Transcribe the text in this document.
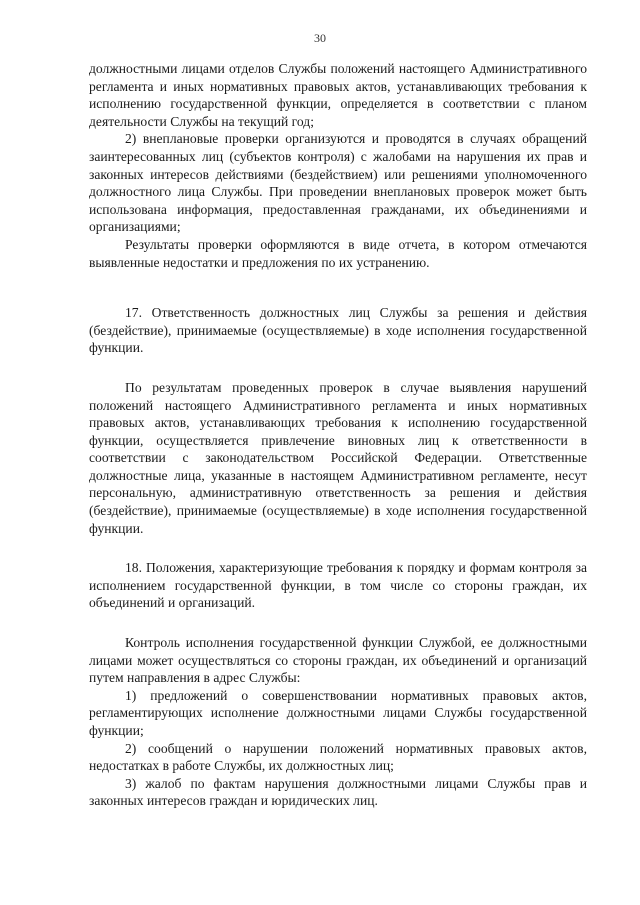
30

должностными лицами отделов Службы положений настоящего Административного регламента и иных нормативных правовых актов, устанавливающих требования к исполнению государственной функции, определяется в соответствии с планом деятельности Службы на текущий год;

2) внеплановые проверки организуются и проводятся в случаях обращений заинтересованных лиц (субъектов контроля) с жалобами на нарушения их прав и законных интересов действиями (бездействием) или решениями уполномоченного должностного лица Службы. При проведении внеплановых проверок может быть использована информация, предоставленная гражданами, их объединениями и организациями;

Результаты проверки оформляются в виде отчета, в котором отмечаются выявленные недостатки и предложения по их устранению.

17. Ответственность должностных лиц Службы за решения и действия (бездействие), принимаемые (осуществляемые) в ходе исполнения государственной функции.

По результатам проведенных проверок в случае выявления нарушений положений настоящего Административного регламента и иных нормативных правовых актов, устанавливающих требования к исполнению государственной функции, осуществляется привлечение виновных лиц к ответственности в соответствии с законодательством Российской Федерации. Ответственные должностные лица, указанные в настоящем Административном регламенте, несут персональную, административную ответственность за решения и действия (бездействие), принимаемые (осуществляемые) в ходе исполнения государственной функции.

18. Положения, характеризующие требования к порядку и формам контроля за исполнением государственной функции, в том числе со стороны граждан, их объединений и организаций.

Контроль исполнения государственной функции Службой, ее должностными лицами может осуществляться со стороны граждан, их объединений и организаций путем направления в адрес Службы:

1) предложений о совершенствовании нормативных правовых актов, регламентирующих исполнение должностными лицами Службы государственной функции;

2) сообщений о нарушении положений нормативных правовых актов, недостатках в работе Службы, их должностных лиц;

3) жалоб по фактам нарушения должностными лицами Службы прав и законных интересов граждан и юридических лиц.
